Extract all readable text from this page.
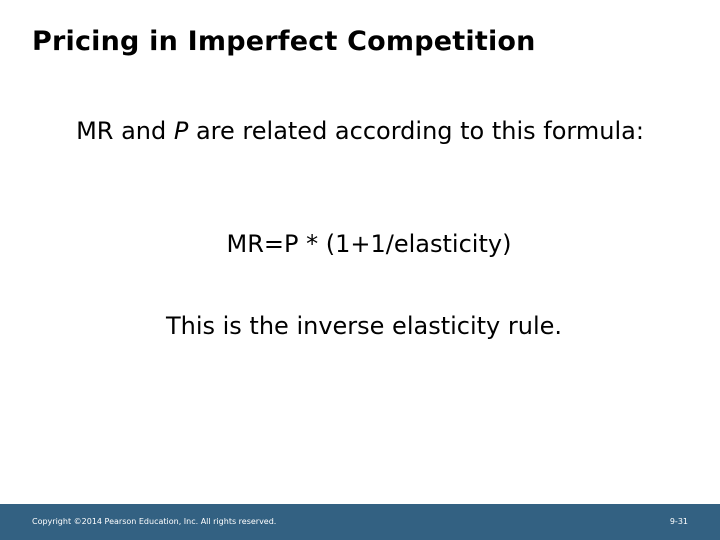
Pricing in Imperfect Competition

MR and P are related according to this formula:

MR=P * (1+1/elasticity)

This is the inverse elasticity rule.

Copyright ©2014 Pearson Education, Inc. All rights reserved.	9-31
